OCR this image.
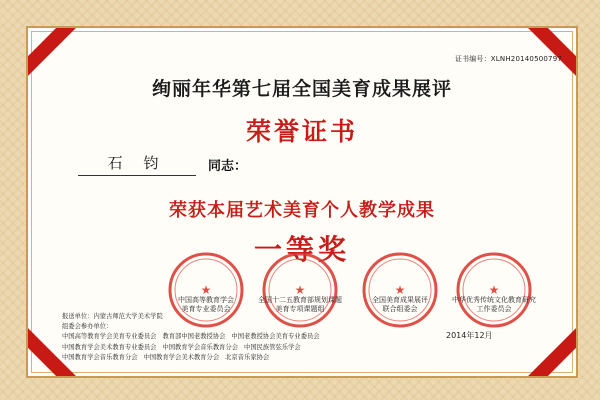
证书编号：XLNH20140500797
绚丽年华第七届全国美育成果展评
荣誉证书
石 钧	同志：
荣获本届艺术美育个人教学成果
一等奖
★	★	★	★
中国高等教育学会
美育专业委员会
全国十二五教育部规划课题
美育专项课题组
全国美育成果展评
联合组委会
中华优秀传统文化教育研究
工作委员会
2014年12月
报送单位：内蒙古师范大学美术学院
组委会参办单位：
中国高等教育学会美育专业委员会 教育部中国老教授协会 中国老教授协会美育专业委员会
中国教育学会美术教育专业委员会 中国教育学会音乐教育分会 中国民族管弦乐学会
中国教育学会音乐教育分会 中国教育学会美术教育分会 北京音乐家协会
